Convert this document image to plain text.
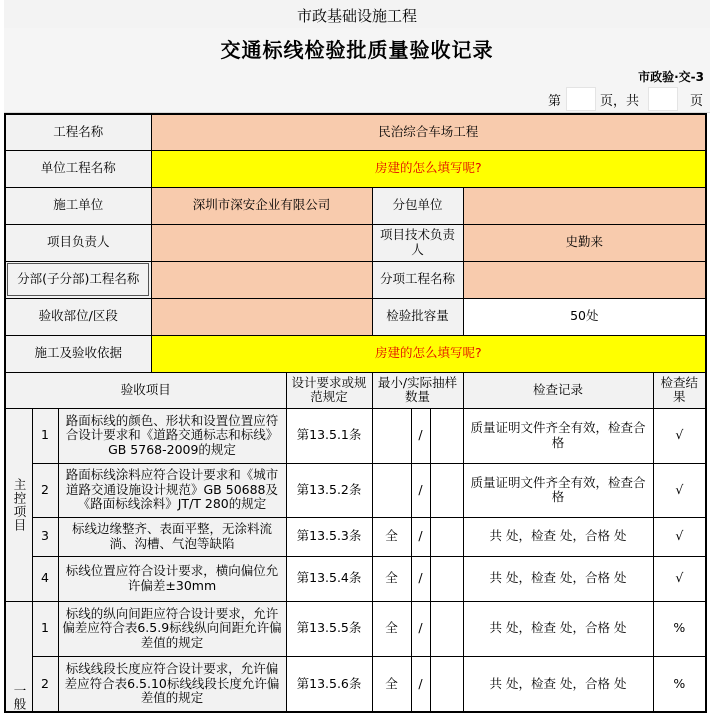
市政基础设施工程
交通标线检验批质量验收记录
市政验·交-3
第	页，共	页
工程名称			民治综合车场工程						
单位工程名称			房建的怎么填写呢?						
施工单位			深圳市深安企业有限公司		分包单位				
项目负责人					项目技术负责人			史勤来	
分部(子分部)工程名称					分项工程名称				
验收部位/区段					检验批容量			50处	
施工及验收依据			房建的怎么填写呢?						
验收项目				设计要求或规范规定	最小/实际抽样数量			检查记录	检查结果

主控项目	1	路面标线的颜色、形状和设置位置应符合设计要求和《道路交通标志和标线》 GB 5768-2009的规定		第13.5.1条		/		质量证明文件齐全有效，检查合格	√
	2	路面标线涂料应符合设计要求和《城市道路交通设施设计规范》GB 50688及《路面标线涂料》JT/T 280的规定		第13.5.2条		/		质量证明文件齐全有效，检查合格	√
	3	标线边缘整齐、表面平整，无涂料流淌、沟槽、气泡等缺陷		第13.5.3条	全	/		共 处，检查 处，合格 处	√
	4	标线位置应符合设计要求，横向偏位允许偏差±30mm		第13.5.4条	全	/		共 处，检查 处，合格 处	√

一般	1	标线的纵向间距应符合设计要求，允许偏差应符合表6.5.9标线纵向间距允许偏差值的规定		第13.5.5条	全	/		共 处，检查 处，合格 处	%
	2	标线线段长度应符合设计要求，允许偏差应符合表6.5.10标线线段长度允许偏差值的规定		第13.5.6条	全	/		共 处，检查 处，合格 处	%
